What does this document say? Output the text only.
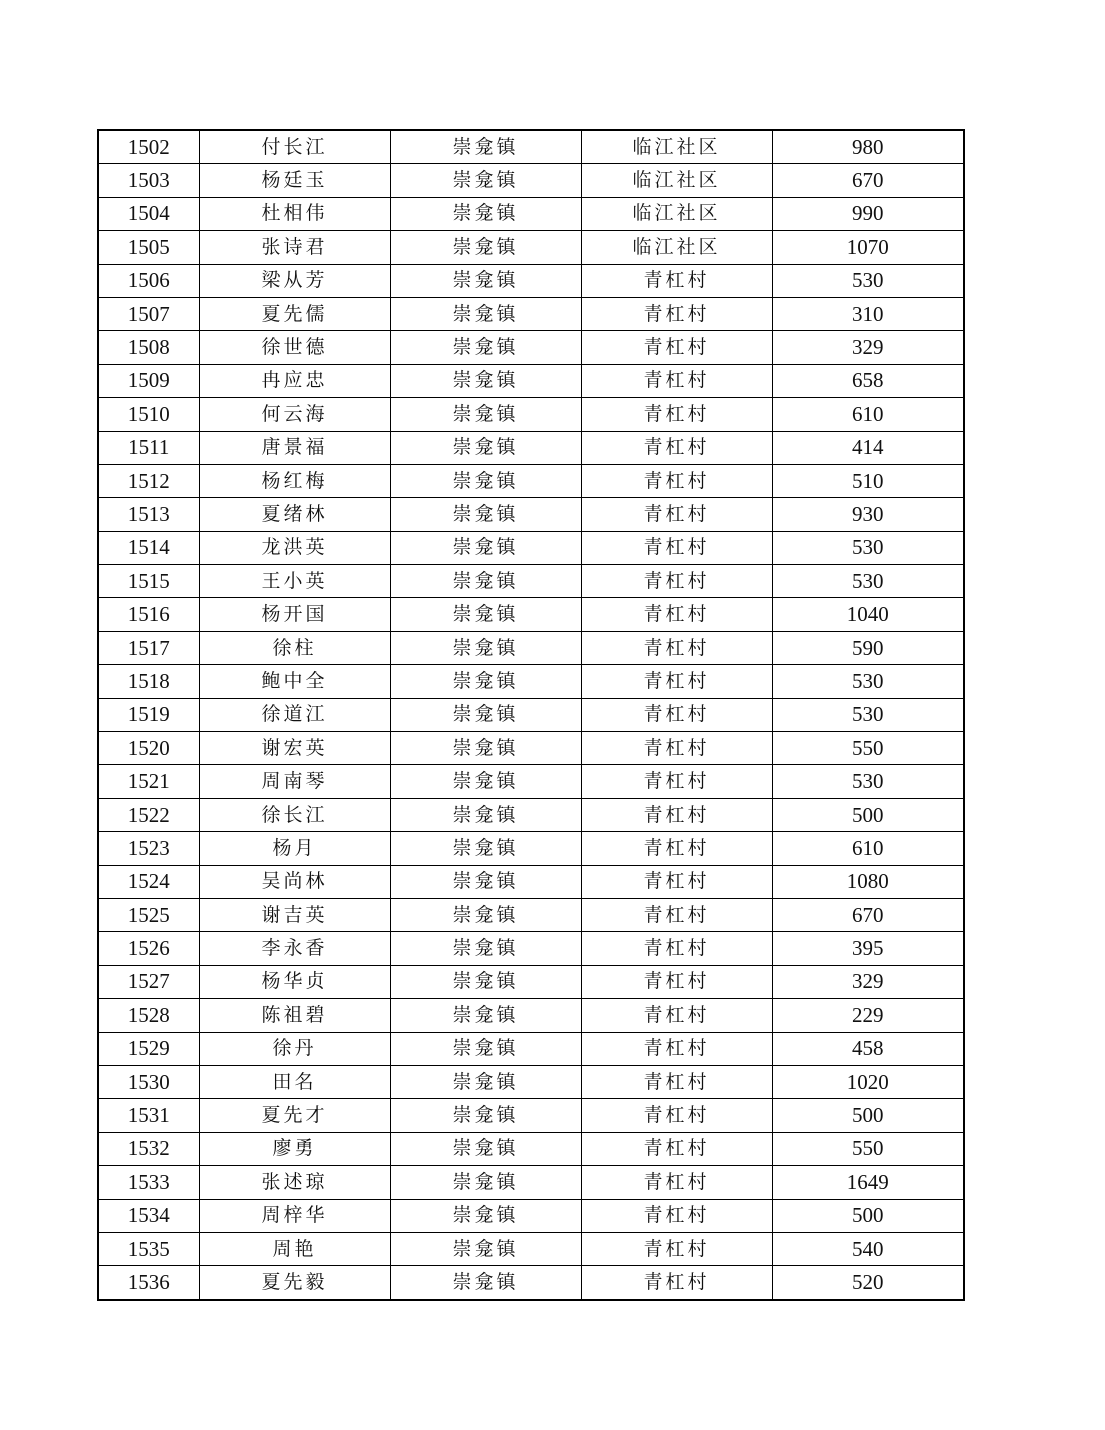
1502	付长江	崇龛镇	临江社区	980
1503	杨廷玉	崇龛镇	临江社区	670
1504	杜相伟	崇龛镇	临江社区	990
1505	张诗君	崇龛镇	临江社区	1070
1506	梁从芳	崇龛镇	青杠村	530
1507	夏先儒	崇龛镇	青杠村	310
1508	徐世德	崇龛镇	青杠村	329
1509	冉应忠	崇龛镇	青杠村	658
1510	何云海	崇龛镇	青杠村	610
1511	唐景福	崇龛镇	青杠村	414
1512	杨红梅	崇龛镇	青杠村	510
1513	夏绪林	崇龛镇	青杠村	930
1514	龙洪英	崇龛镇	青杠村	530
1515	王小英	崇龛镇	青杠村	530
1516	杨开国	崇龛镇	青杠村	1040
1517	徐柱	崇龛镇	青杠村	590
1518	鲍中全	崇龛镇	青杠村	530
1519	徐道江	崇龛镇	青杠村	530
1520	谢宏英	崇龛镇	青杠村	550
1521	周南琴	崇龛镇	青杠村	530
1522	徐长江	崇龛镇	青杠村	500
1523	杨月	崇龛镇	青杠村	610
1524	吴尚林	崇龛镇	青杠村	1080
1525	谢吉英	崇龛镇	青杠村	670
1526	李永香	崇龛镇	青杠村	395
1527	杨华贞	崇龛镇	青杠村	329
1528	陈祖碧	崇龛镇	青杠村	229
1529	徐丹	崇龛镇	青杠村	458
1530	田名	崇龛镇	青杠村	1020
1531	夏先才	崇龛镇	青杠村	500
1532	廖勇	崇龛镇	青杠村	550
1533	张述琼	崇龛镇	青杠村	1649
1534	周梓华	崇龛镇	青杠村	500
1535	周艳	崇龛镇	青杠村	540
1536	夏先毅	崇龛镇	青杠村	520
